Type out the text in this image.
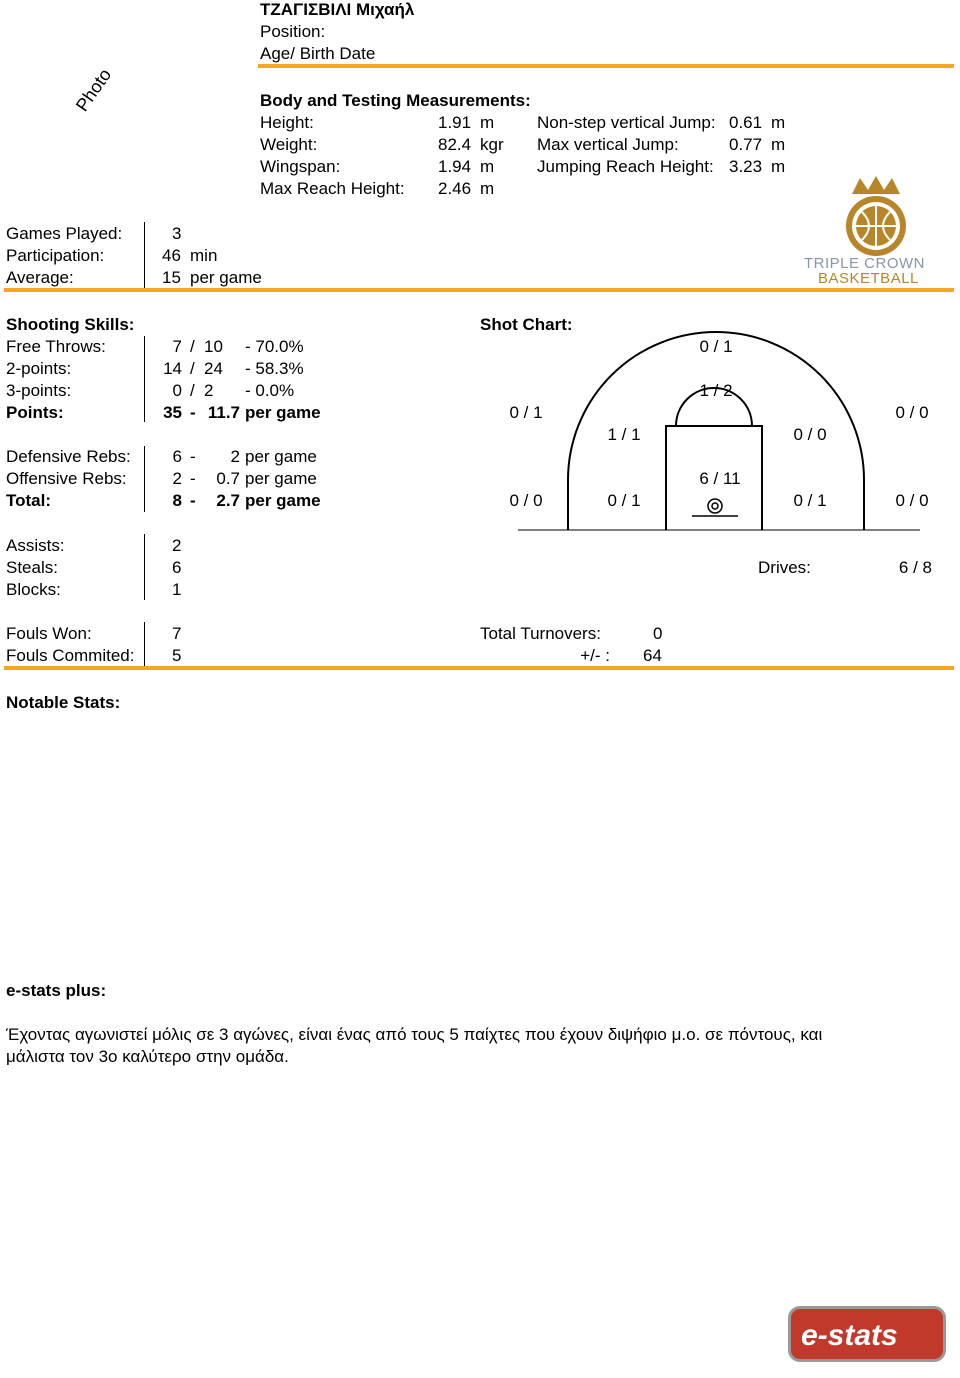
Photo
ΤΖΑΓΙΣΒΙΛΙ Μιχαήλ
Position:
Age/ Birth Date
Body and Testing Measurements:
Height:	1.91 m
Weight:	82.4 kgr
Wingspan:	1.94 m
Max Reach Height: 2.46 m
Non-step vertical Jump: 0.61 m
Max vertical Jump:	0.77 m
Jumping Reach Height: 3.23 m
TRIPLE CROWN
BASKETBALL
Games Played:	3
Participation:	46 min
Average:	15 per game
Shooting Skills:
Free Throws:	7 / 10 - 70.0%
2-points:	14 / 24 - 58.3%
3-points:	0 / 2 - 0.0%
Points:	35 - 11.7 per game
Defensive Rebs:	6 -	2 per game
Offensive Rebs:	2 -	0.7 per game
Total:	8 -	2.7 per game
Shot Chart:
0 / 1
1 / 2
0 / 1	0 / 0
1 / 1	0 / 0
6 / 11
0 / 0	0 / 1	0 / 1	0 / 0
Assists:	2
Steals:	6
Blocks:	1
Drives:	6 / 8
Fouls Won:	7
Fouls Commited: 5
Total Turnovers:	0
+/- : 64
Notable Stats:
e-stats plus:
Έχοντας αγωνιστεί μόλις σε 3 αγώνες, είναι ένας από τους 5 παίχτες που έχουν διψήφιο μ.ο. σε πόντους, και
μάλιστα τον 3ο καλύτερο στην ομάδα.
e-stats
